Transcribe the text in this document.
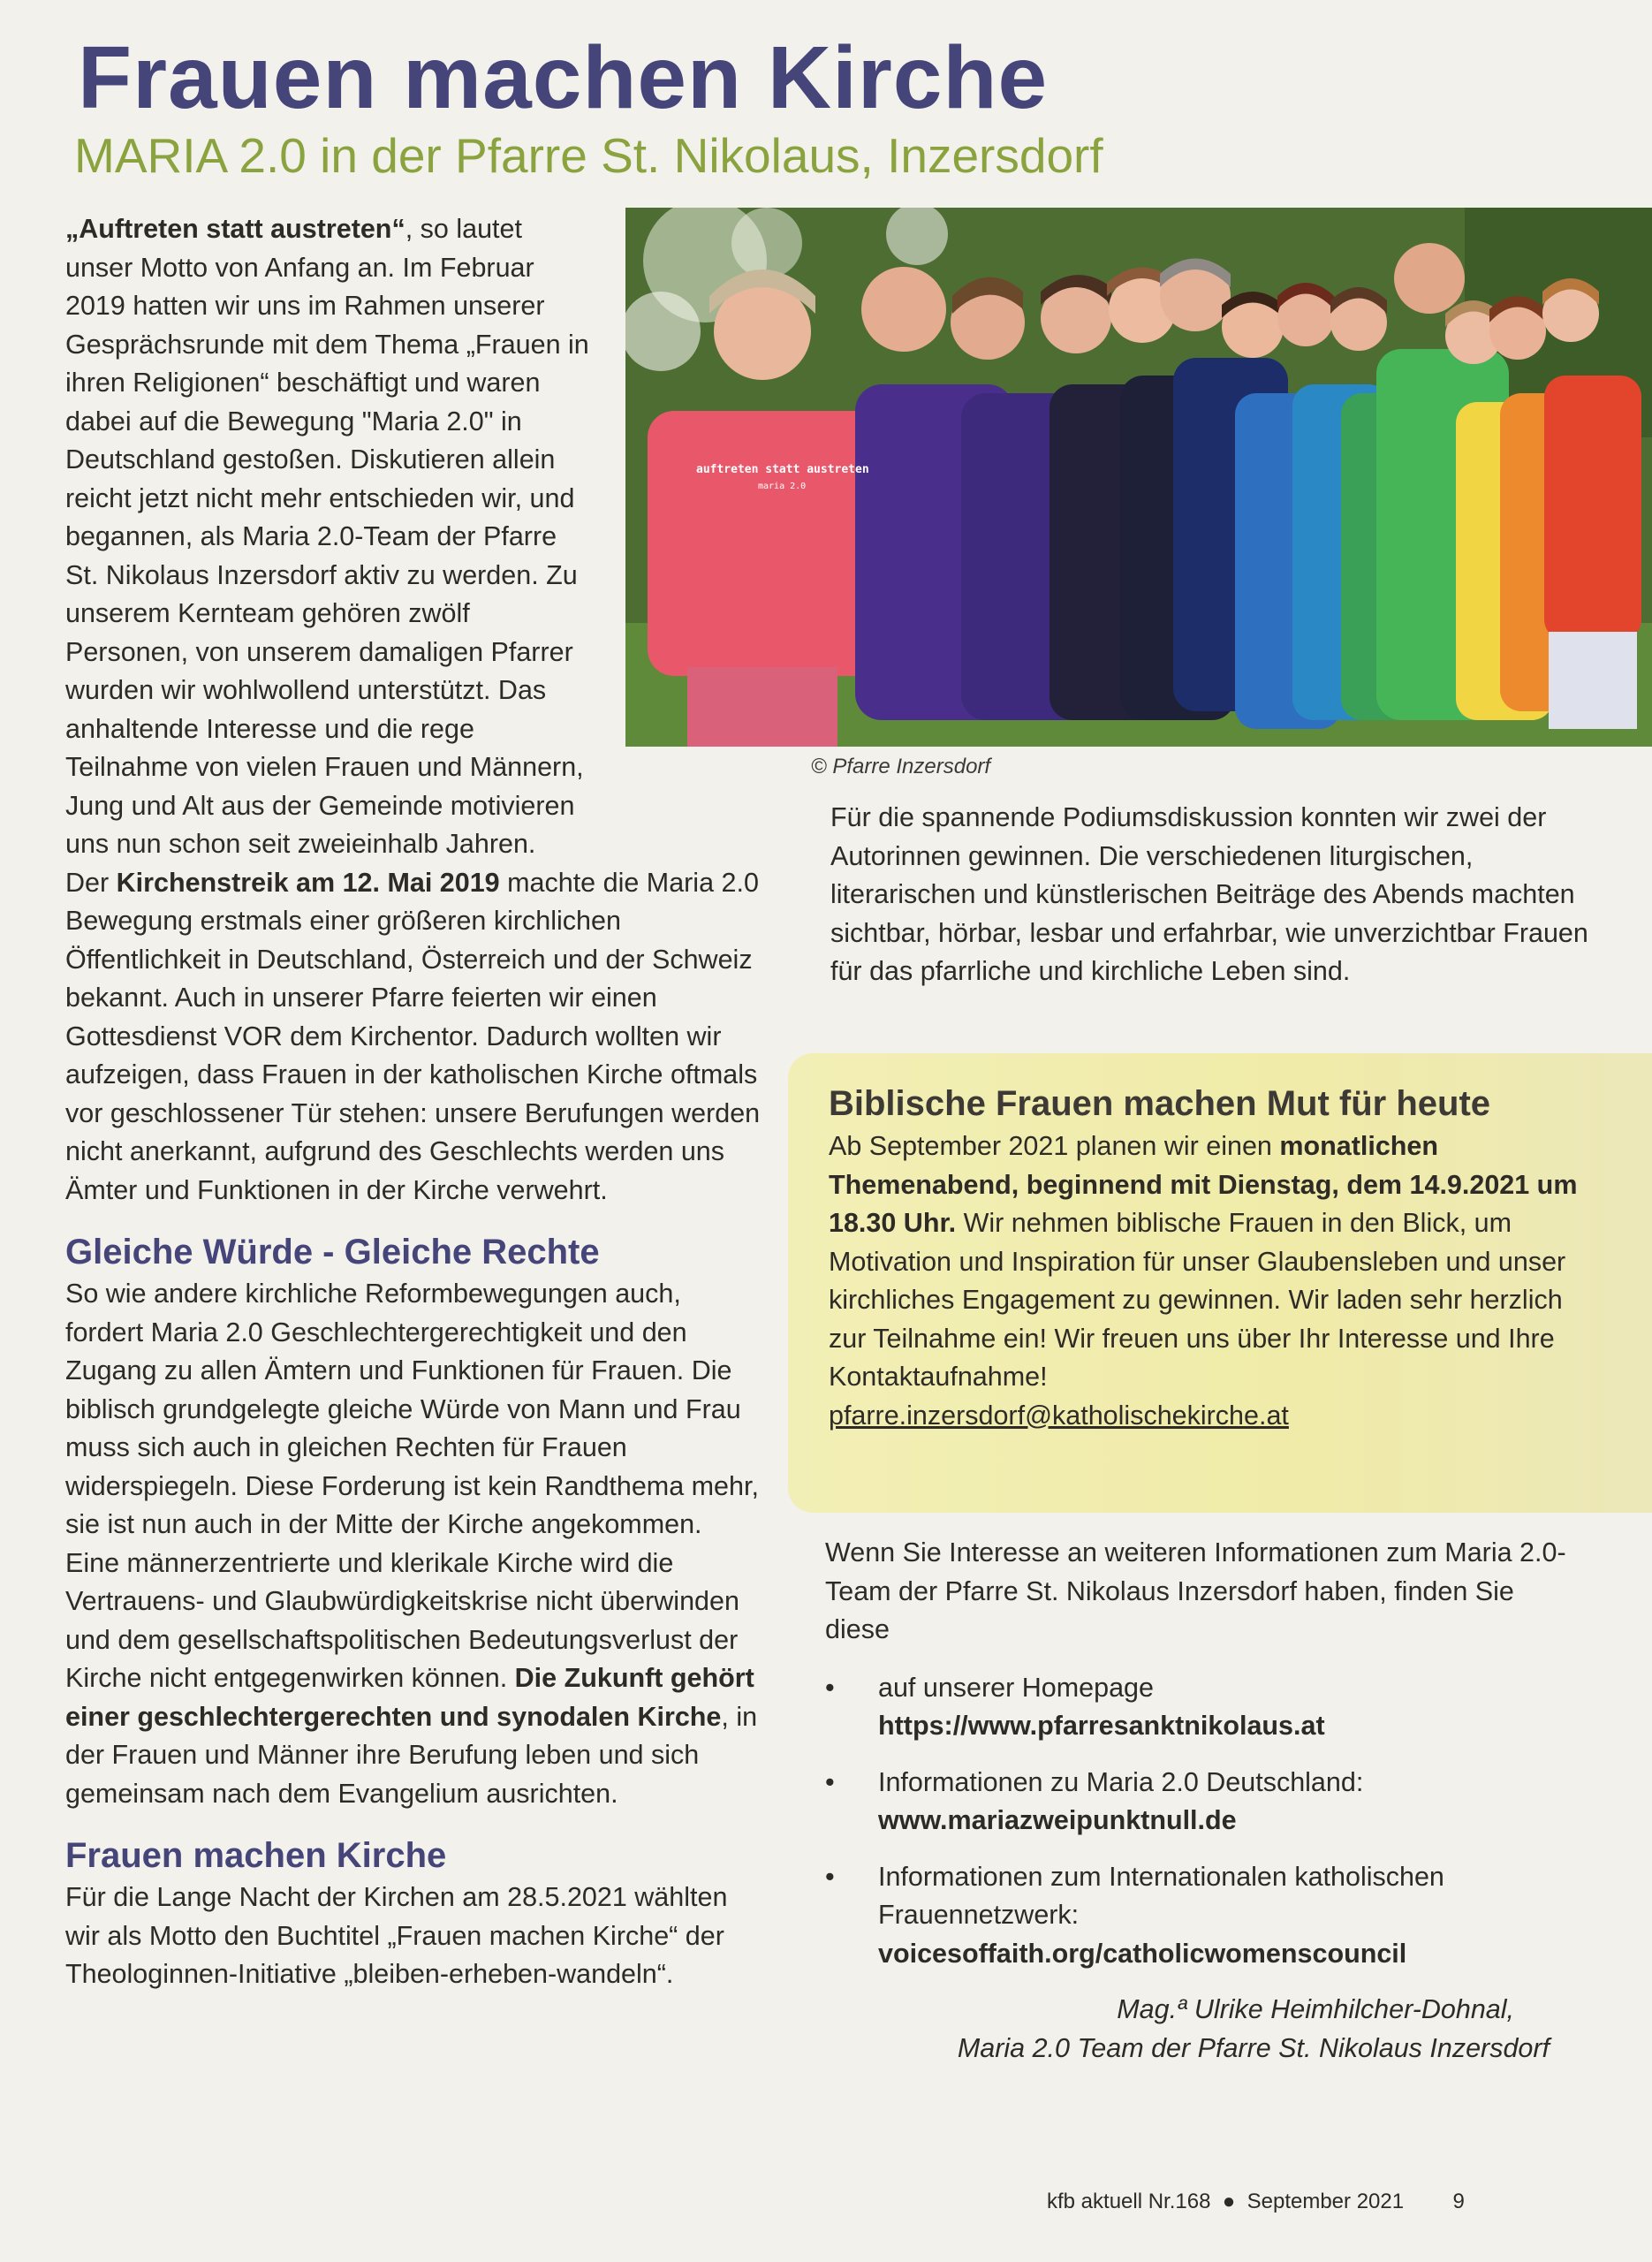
Frauen machen Kirche
MARIA 2.0 in der Pfarre St. Nikolaus, Inzersdorf
auftreten statt austreten
maria 2.0
© Pfarre Inzersdorf

„Auftreten statt austreten“, so lautet unser Motto von Anfang an. Im Februar 2019 hatten wir uns im Rahmen unserer Gesprächsrunde mit dem Thema „Frauen in ihren Religionen“ beschäftigt und waren dabei auf die Bewegung "Maria 2.0" in Deutschland gestoßen. Diskutieren allein reicht jetzt nicht mehr entschieden wir, und begannen, als Maria 2.0-Team der Pfarre St. Nikolaus Inzersdorf aktiv zu werden. Zu unserem Kernteam gehören zwölf Personen, von unserem damaligen Pfarrer wurden wir wohlwollend unterstützt. Das anhaltende Interesse und die rege Teilnahme von vielen Frauen und Männern, Jung und Alt aus der Gemeinde motivieren uns nun schon seit zweieinhalb Jahren.

Der Kirchenstreik am 12. Mai 2019 machte die Maria 2.0 Bewegung erstmals einer größeren kirchlichen Öffentlichkeit in Deutschland, Österreich und der Schweiz bekannt. Auch in unserer Pfarre feierten wir einen Gottesdienst VOR dem Kirchentor. Dadurch wollten wir aufzeigen, dass Frauen in der katholischen Kirche oftmals vor geschlossener Tür stehen: unsere Berufungen werden nicht anerkannt, aufgrund des Geschlechts werden uns Ämter und Funktionen in der Kirche verwehrt.

Gleiche Würde - Gleiche Rechte

So wie andere kirchliche Reformbewegungen auch, fordert Maria 2.0 Geschlechtergerechtigkeit und den Zugang zu allen Ämtern und Funktionen für Frauen. Die biblisch grundgelegte gleiche Würde von Mann und Frau muss sich auch in gleichen Rechten für Frauen widerspiegeln. Diese Forderung ist kein Randthema mehr, sie ist nun auch in der Mitte der Kirche angekommen. Eine männerzentrierte und klerikale Kirche wird die Vertrauens- und Glaubwürdigkeitskrise nicht überwinden und dem gesellschaftspolitischen Bedeutungsverlust der Kirche nicht entgegenwirken können. Die Zukunft gehört einer geschlechtergerechten und synodalen Kirche, in der Frauen und Männer ihre Berufung leben und sich gemeinsam nach dem Evangelium ausrichten.

Frauen machen Kirche

Für die Lange Nacht der Kirchen am 28.5.2021 wählten wir als Motto den Buchtitel „Frauen machen Kirche“ der Theologinnen-Initiative „bleiben-erheben-wandeln“.

Für die spannende Podiumsdiskussion konnten wir zwei der Autorinnen gewinnen. Die verschiedenen liturgischen, literarischen und künstlerischen Beiträge des Abends machten sichtbar, hörbar, lesbar und erfahrbar, wie unverzichtbar Frauen für das pfarrliche und kirchliche Leben sind.

Biblische Frauen machen Mut für heute

Ab September 2021 planen wir einen monatlichen Themenabend, beginnend mit Dienstag, dem 14.9.2021 um 18.30 Uhr. Wir nehmen biblische Frauen in den Blick, um Motivation und Inspiration für unser Glaubensleben und unser kirchliches Engagement zu gewinnen. Wir laden sehr herzlich zur Teilnahme ein! Wir freuen uns über Ihr Interesse und Ihre Kontaktaufnahme!

pfarre.inzersdorf@katholischekirche.at

Wenn Sie Interesse an weiteren Informationen zum Maria 2.0-Team der Pfarre St. Nikolaus Inzersdorf haben, finden Sie diese

• auf unserer Homepage
https://www.pfarresanktnikolaus.at
• Informationen zu Maria 2.0 Deutschland:
www.mariazweipunktnull.de
• Informationen zum Internationalen katholischen Frauennetzwerk:
voicesoffaith.org/catholicwomenscouncil

Mag.ª Ulrike Heimhilcher-Dohnal,

Maria 2.0 Team der Pfarre St. Nikolaus Inzersdorf

kfb aktuell Nr.168  ●  September 2021 9
